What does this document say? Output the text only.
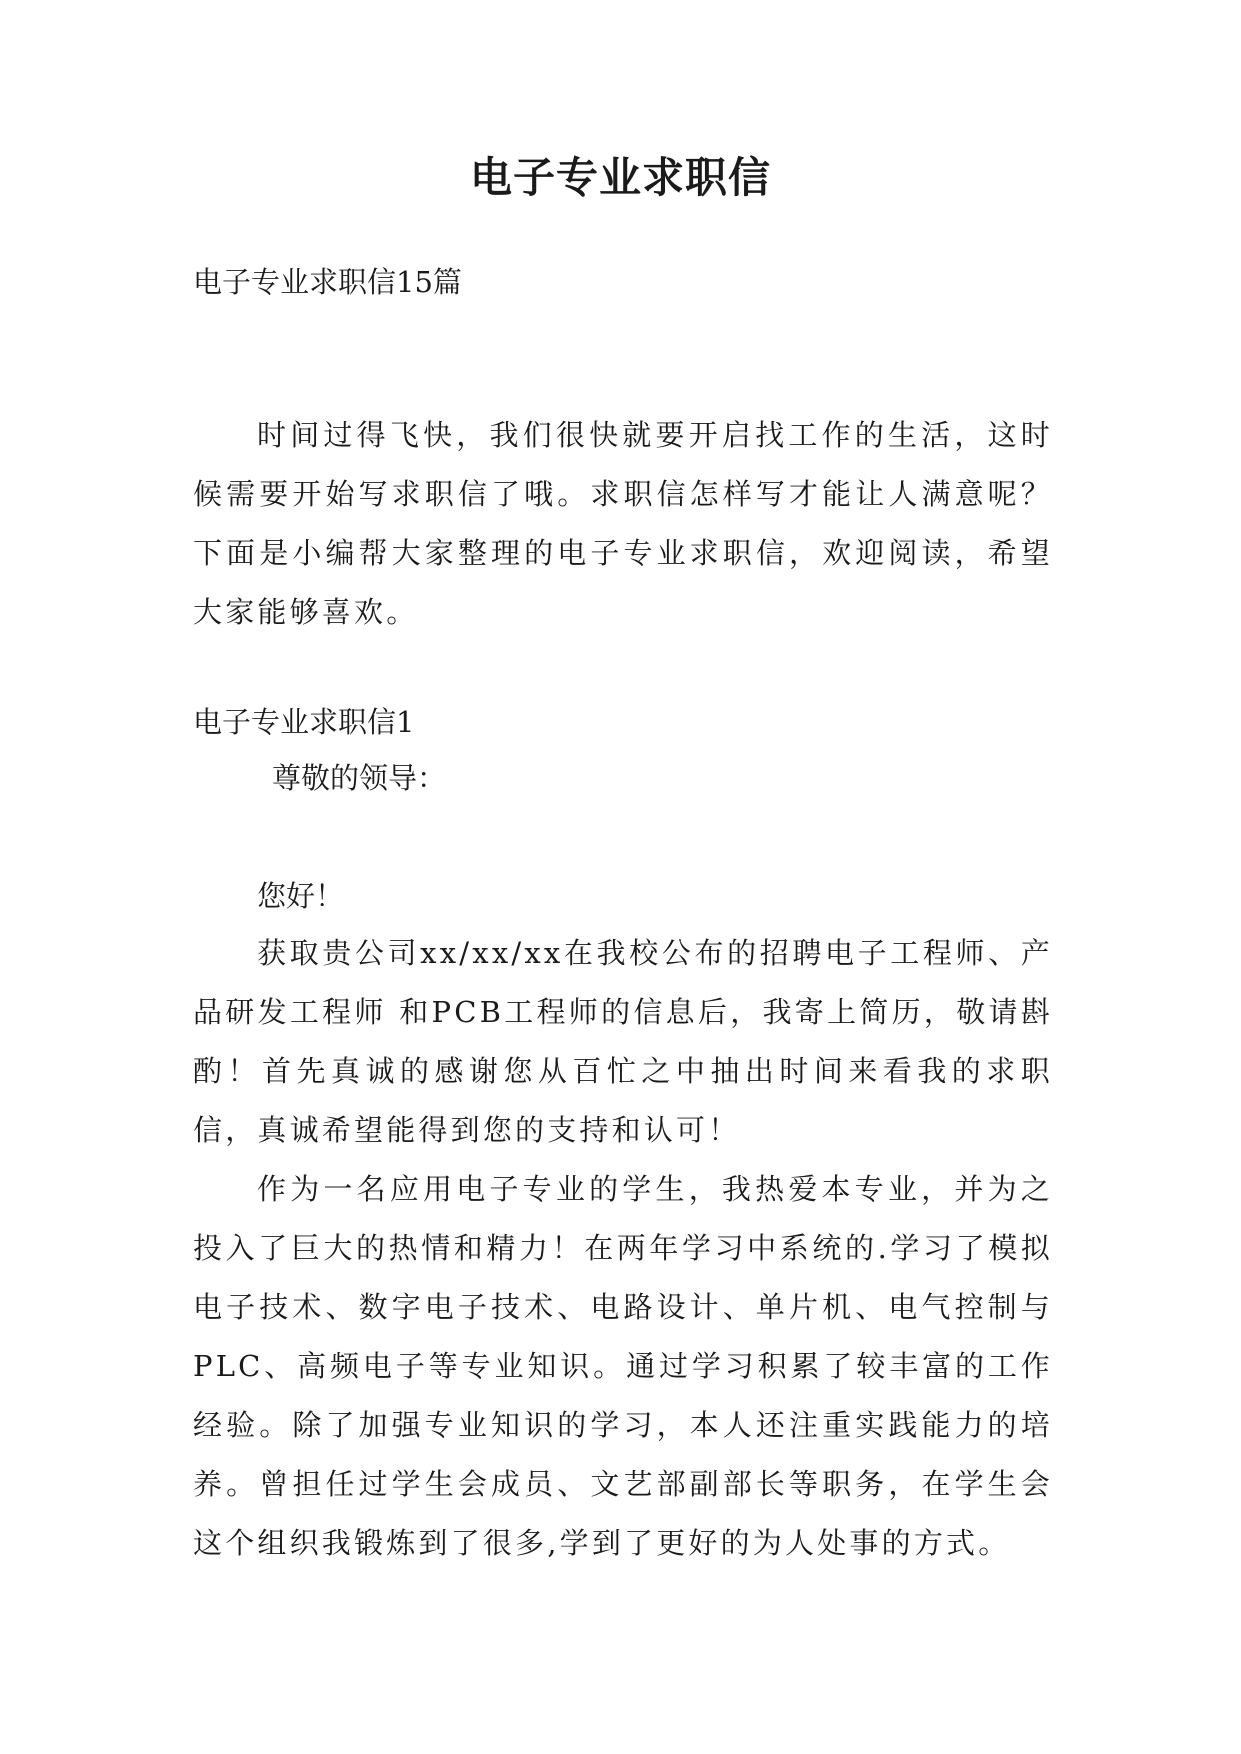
电子专业求职信
电子专业求职信15篇

时间过得飞快，我们很快就要开启找工作的生活，这时候需要开始写求职信了哦。求职信怎样写才能让人满意呢？下面是小编帮大家整理的电子专业求职信，欢迎阅读，希望大家能够喜欢。

电子专业求职信1
尊敬的领导：
您好！

获取贵公司xx/xx/xx在我校公布的招聘电子工程师、产品研发工程师 和PCB工程师的信息后，我寄上简历，敬请斟酌！首先真诚的感谢您从百忙之中抽出时间来看我的求职信，真诚希望能得到您的支持和认可！

作为一名应用电子专业的学生，我热爱本专业，并为之投入了巨大的热情和精力！在两年学习中系统的.学习了模拟电子技术、数字电子技术、电路设计、单片机、电气控制与PLC、高频电子等专业知识。通过学习积累了较丰富的工作经验。除了加强专业知识的学习，本人还注重实践能力的培养。曾担任过学生会成员、文艺部副部长等职务，在学生会这个组织我锻炼到了很多,学到了更好的为人处事的方式。
